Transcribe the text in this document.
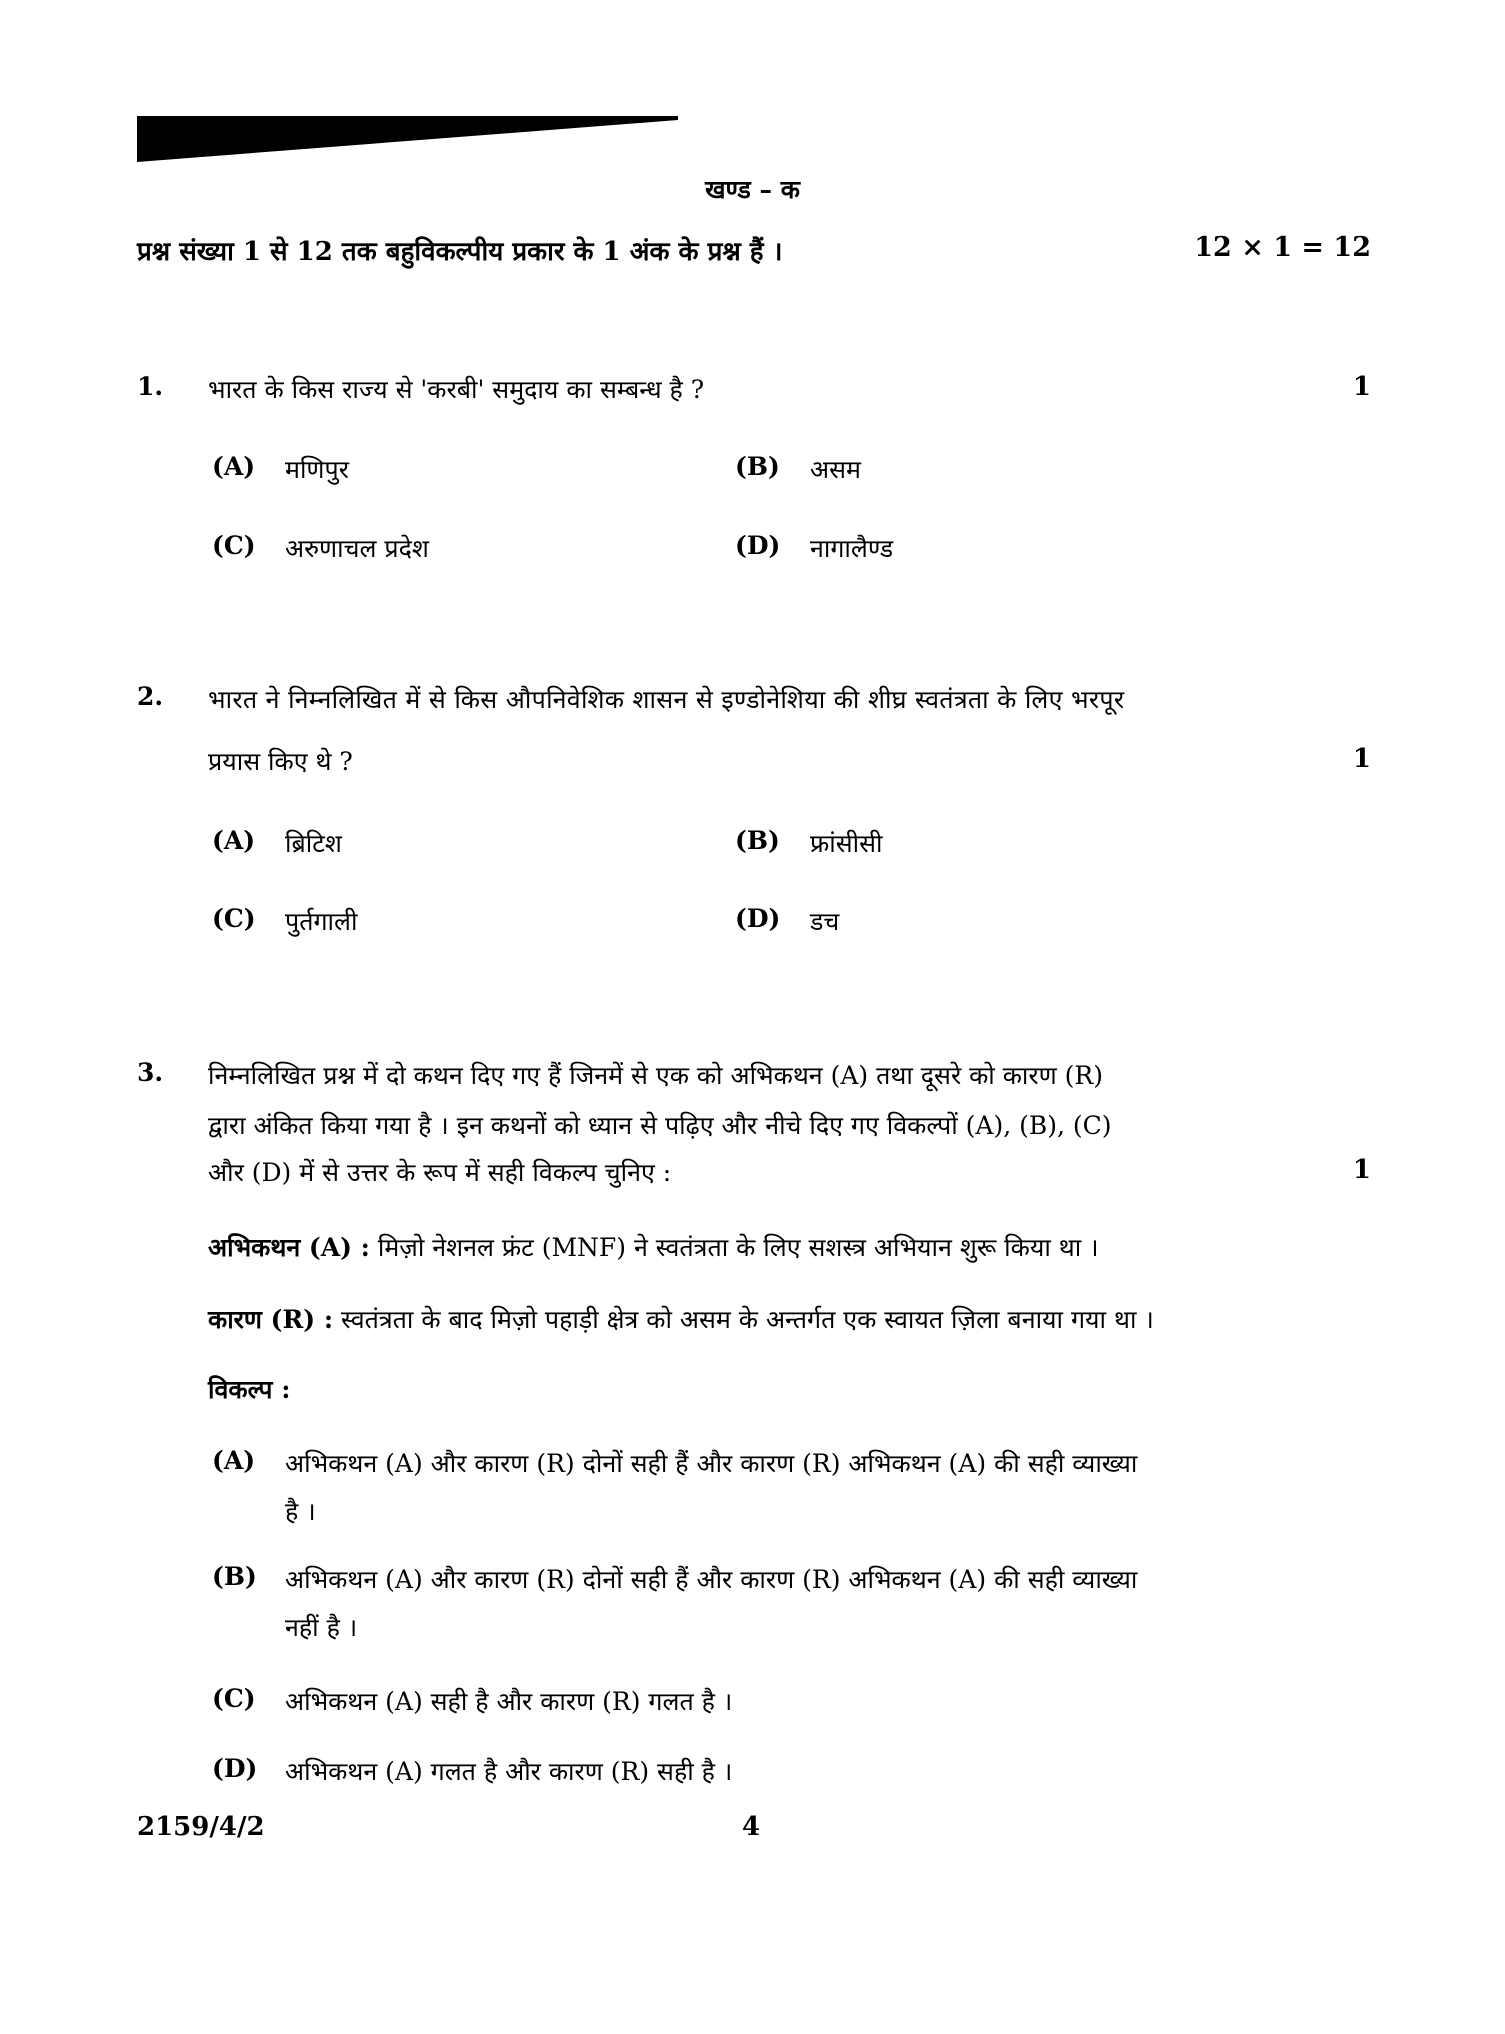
खण्ड – क
प्रश्न संख्या 1 से 12 तक बहुविकल्पीय प्रकार के 1 अंक के प्रश्न हैं ।	12 × 1 = 12
1. भारत के किस राज्य से 'करबी' समुदाय का सम्बन्ध है ?	1
(A) मणिपुर	(B) असम
(C) अरुणाचल प्रदेश	(D) नागालैण्ड
2. भारत ने निम्नलिखित में से किस औपनिवेशिक शासन से इण्डोनेशिया की शीघ्र स्वतंत्रता के लिए भरपूर
प्रयास किए थे ?	1
(A) ब्रिटिश	(B) फ्रांसीसी
(C) पुर्तगाली	(D) डच
3. निम्नलिखित प्रश्न में दो कथन दिए गए हैं जिनमें से एक को अभिकथन (A) तथा दूसरे को कारण (R)
द्वारा अंकित किया गया है । इन कथनों को ध्यान से पढ़िए और नीचे दिए गए विकल्पों (A), (B), (C)
और (D) में से उत्तर के रूप में सही विकल्प चुनिए :	1
अभिकथन (A) : मिज़ो नेशनल फ्रंट (MNF) ने स्वतंत्रता के लिए सशस्त्र अभियान शुरू किया था ।
कारण (R) : स्वतंत्रता के बाद मिज़ो पहाड़ी क्षेत्र को असम के अन्तर्गत एक स्वायत ज़िला बनाया गया था ।
विकल्प :
(A) अभिकथन (A) और कारण (R) दोनों सही हैं और कारण (R) अभिकथन (A) की सही व्याख्या
है ।
(B) अभिकथन (A) और कारण (R) दोनों सही हैं और कारण (R) अभिकथन (A) की सही व्याख्या
नहीं है ।
(C) अभिकथन (A) सही है और कारण (R) गलत है ।
(D) अभिकथन (A) गलत है और कारण (R) सही है ।
2159/4/2	4
